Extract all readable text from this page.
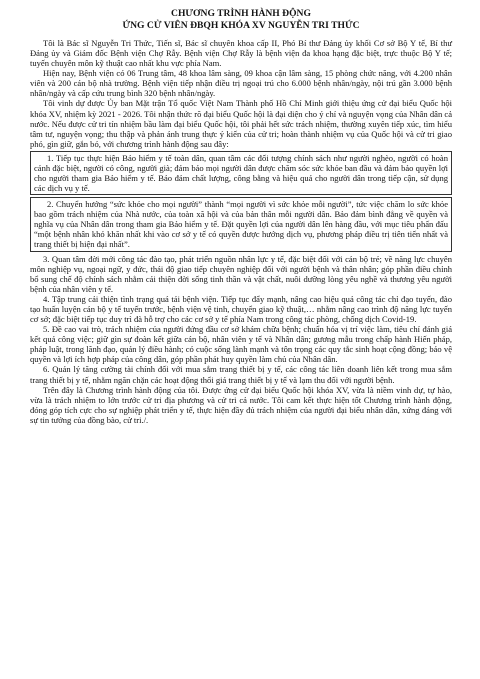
CHƯƠNG TRÌNH HÀNH ĐỘNG

ỨNG CỬ VIÊN ĐBQH KHÓA XV NGUYỄN TRI THỨC

Tôi là Bác sĩ Nguyễn Tri Thức, Tiến sĩ, Bác sĩ chuyên khoa cấp II, Phó Bí thư Đảng ủy khối Cơ sở Bộ Y tế, Bí thư Đảng ủy và Giám đốc Bệnh viện Chợ Rẫy. Bệnh viện Chợ Rẫy là bệnh viện đa khoa hạng đặc biệt, trực thuộc Bộ Y tế; tuyến chuyên môn kỹ thuật cao nhất khu vực phía Nam.

Hiện nay, Bệnh viện có 06 Trung tâm, 48 khoa lâm sàng, 09 khoa cận lâm sàng, 15 phòng chức năng, với 4.200 nhân viên và 200 cán bộ nhà trường. Bệnh viện tiếp nhận điều trị ngoại trú cho 6.000 bệnh nhân/ngày, nội trú gần 3.000 bệnh nhân/ngày và cấp cứu trung bình 320 bệnh nhân/ngày.

Tôi vinh dự được Ủy ban Mặt trận Tổ quốc Việt Nam Thành phố Hồ Chí Minh giới thiệu ứng cử đại biểu Quốc hội khóa XV, nhiệm kỳ 2021 - 2026. Tôi nhận thức rõ đại biểu Quốc hội là đại diện cho ý chí và nguyện vọng của Nhân dân cả nước. Nếu được cử tri tín nhiệm bầu làm đại biểu Quốc hội, tôi phải hết sức trách nhiệm, thường xuyên tiếp xúc, tìm hiểu tâm tư, nguyện vọng; thu thập và phản ánh trung thực ý kiến của cử tri; hoàn thành nhiệm vụ của Quốc hội và cử tri giao phó, gìn giữ, gắn bó, với chương trình hành động sau đây:

1. Tiếp tục thực hiện Bảo hiểm y tế toàn dân, quan tâm các đối tượng chính sách như người nghèo, người có hoàn cảnh đặc biệt, người có công, người già; đảm bảo mọi người dân được chăm sóc sức khỏe ban đầu và đảm bảo quyền lợi cho người tham gia Bảo hiểm y tế. Bảo đảm chất lượng, công bằng và hiệu quả cho người dân trong tiếp cận, sử dụng các dịch vụ y tế.
2. Chuyển hướng “sức khỏe cho mọi người” thành “mọi người vì sức khỏe mỗi người”, tức việc chăm lo sức khỏe bao gồm trách nhiệm của Nhà nước, của toàn xã hội và của bản thân mỗi người dân. Bảo đảm bình đẳng về quyền và nghĩa vụ của Nhân dân trong tham gia Bảo hiểm y tế. Đặt quyền lợi của người dân lên hàng đầu, với mục tiêu phấn đấu “một bệnh nhân khó khăn nhất khi vào cơ sở y tế có quyền được hướng dịch vụ, phương pháp điều trị tiên tiến nhất và trang thiết bị hiện đại nhất”.
3. Quan tâm đời mới công tác đào tạo, phát triển nguồn nhân lực y tế, đặc biệt đối với cán bộ trẻ; về năng lực chuyên môn nghiệp vụ, ngoại ngữ, y đức, thái độ giao tiếp chuyên nghiệp đối với người bệnh và thân nhân; góp phần điều chỉnh bổ sung chế độ chính sách nhằm cải thiện đời sống tinh thần và vật chất, nuôi dưỡng lòng yêu nghề và thương yêu người bệnh của nhân viên y tế.
4. Tập trung cải thiện tình trạng quá tải bệnh viện. Tiếp tục đẩy mạnh, nâng cao hiệu quả công tác chỉ đạo tuyến, đào tạo huấn luyện cán bộ y tế tuyến trước, bệnh viện vệ tinh, chuyển giao kỹ thuật,… nhằm nâng cao trình độ năng lực tuyến cơ sở; đặc biệt tiếp tục duy trì đà hỗ trợ cho các cơ sở y tế phía Nam trong công tác phòng, chống dịch Covid-19.
5. Đề cao vai trò, trách nhiệm của người đứng đầu cơ sở khám chữa bệnh; chuẩn hóa vị trí việc làm, tiêu chí đánh giá kết quả công việc; giữ gìn sự đoàn kết giữa cán bộ, nhân viên y tế và Nhân dân; gương mẫu trong chấp hành Hiến pháp, pháp luật, trong lãnh đạo, quản lý điều hành; có cuộc sống lành mạnh và tôn trọng các quy tắc sinh hoạt cộng đồng; bảo vệ quyền và lợi ích hợp pháp của công dân, góp phần phát huy quyền làm chủ của Nhân dân.
6. Quản lý tăng cường tài chính đối với mua sắm trang thiết bị y tế, các công tác liên doanh liên kết trong mua sắm trang thiết bị y tế, nhằm ngăn chặn các hoạt động thổi giá trang thiết bị y tế và lạm thu đối với người bệnh.

Trên đây là Chương trình hành động của tôi. Được ứng cử đại biểu Quốc hội khóa XV, vừa là niềm vinh dự, tự hào, vừa là trách nhiệm to lớn trước cử tri địa phương và cử tri cả nước. Tôi cam kết thực hiện tốt Chương trình hành động, đóng góp tích cực cho sự nghiệp phát triển y tế, thực hiện đầy đủ trách nhiệm của người đại biểu nhân dân, xứng đáng với sự tin tưởng của đồng bào, cử tri./.
